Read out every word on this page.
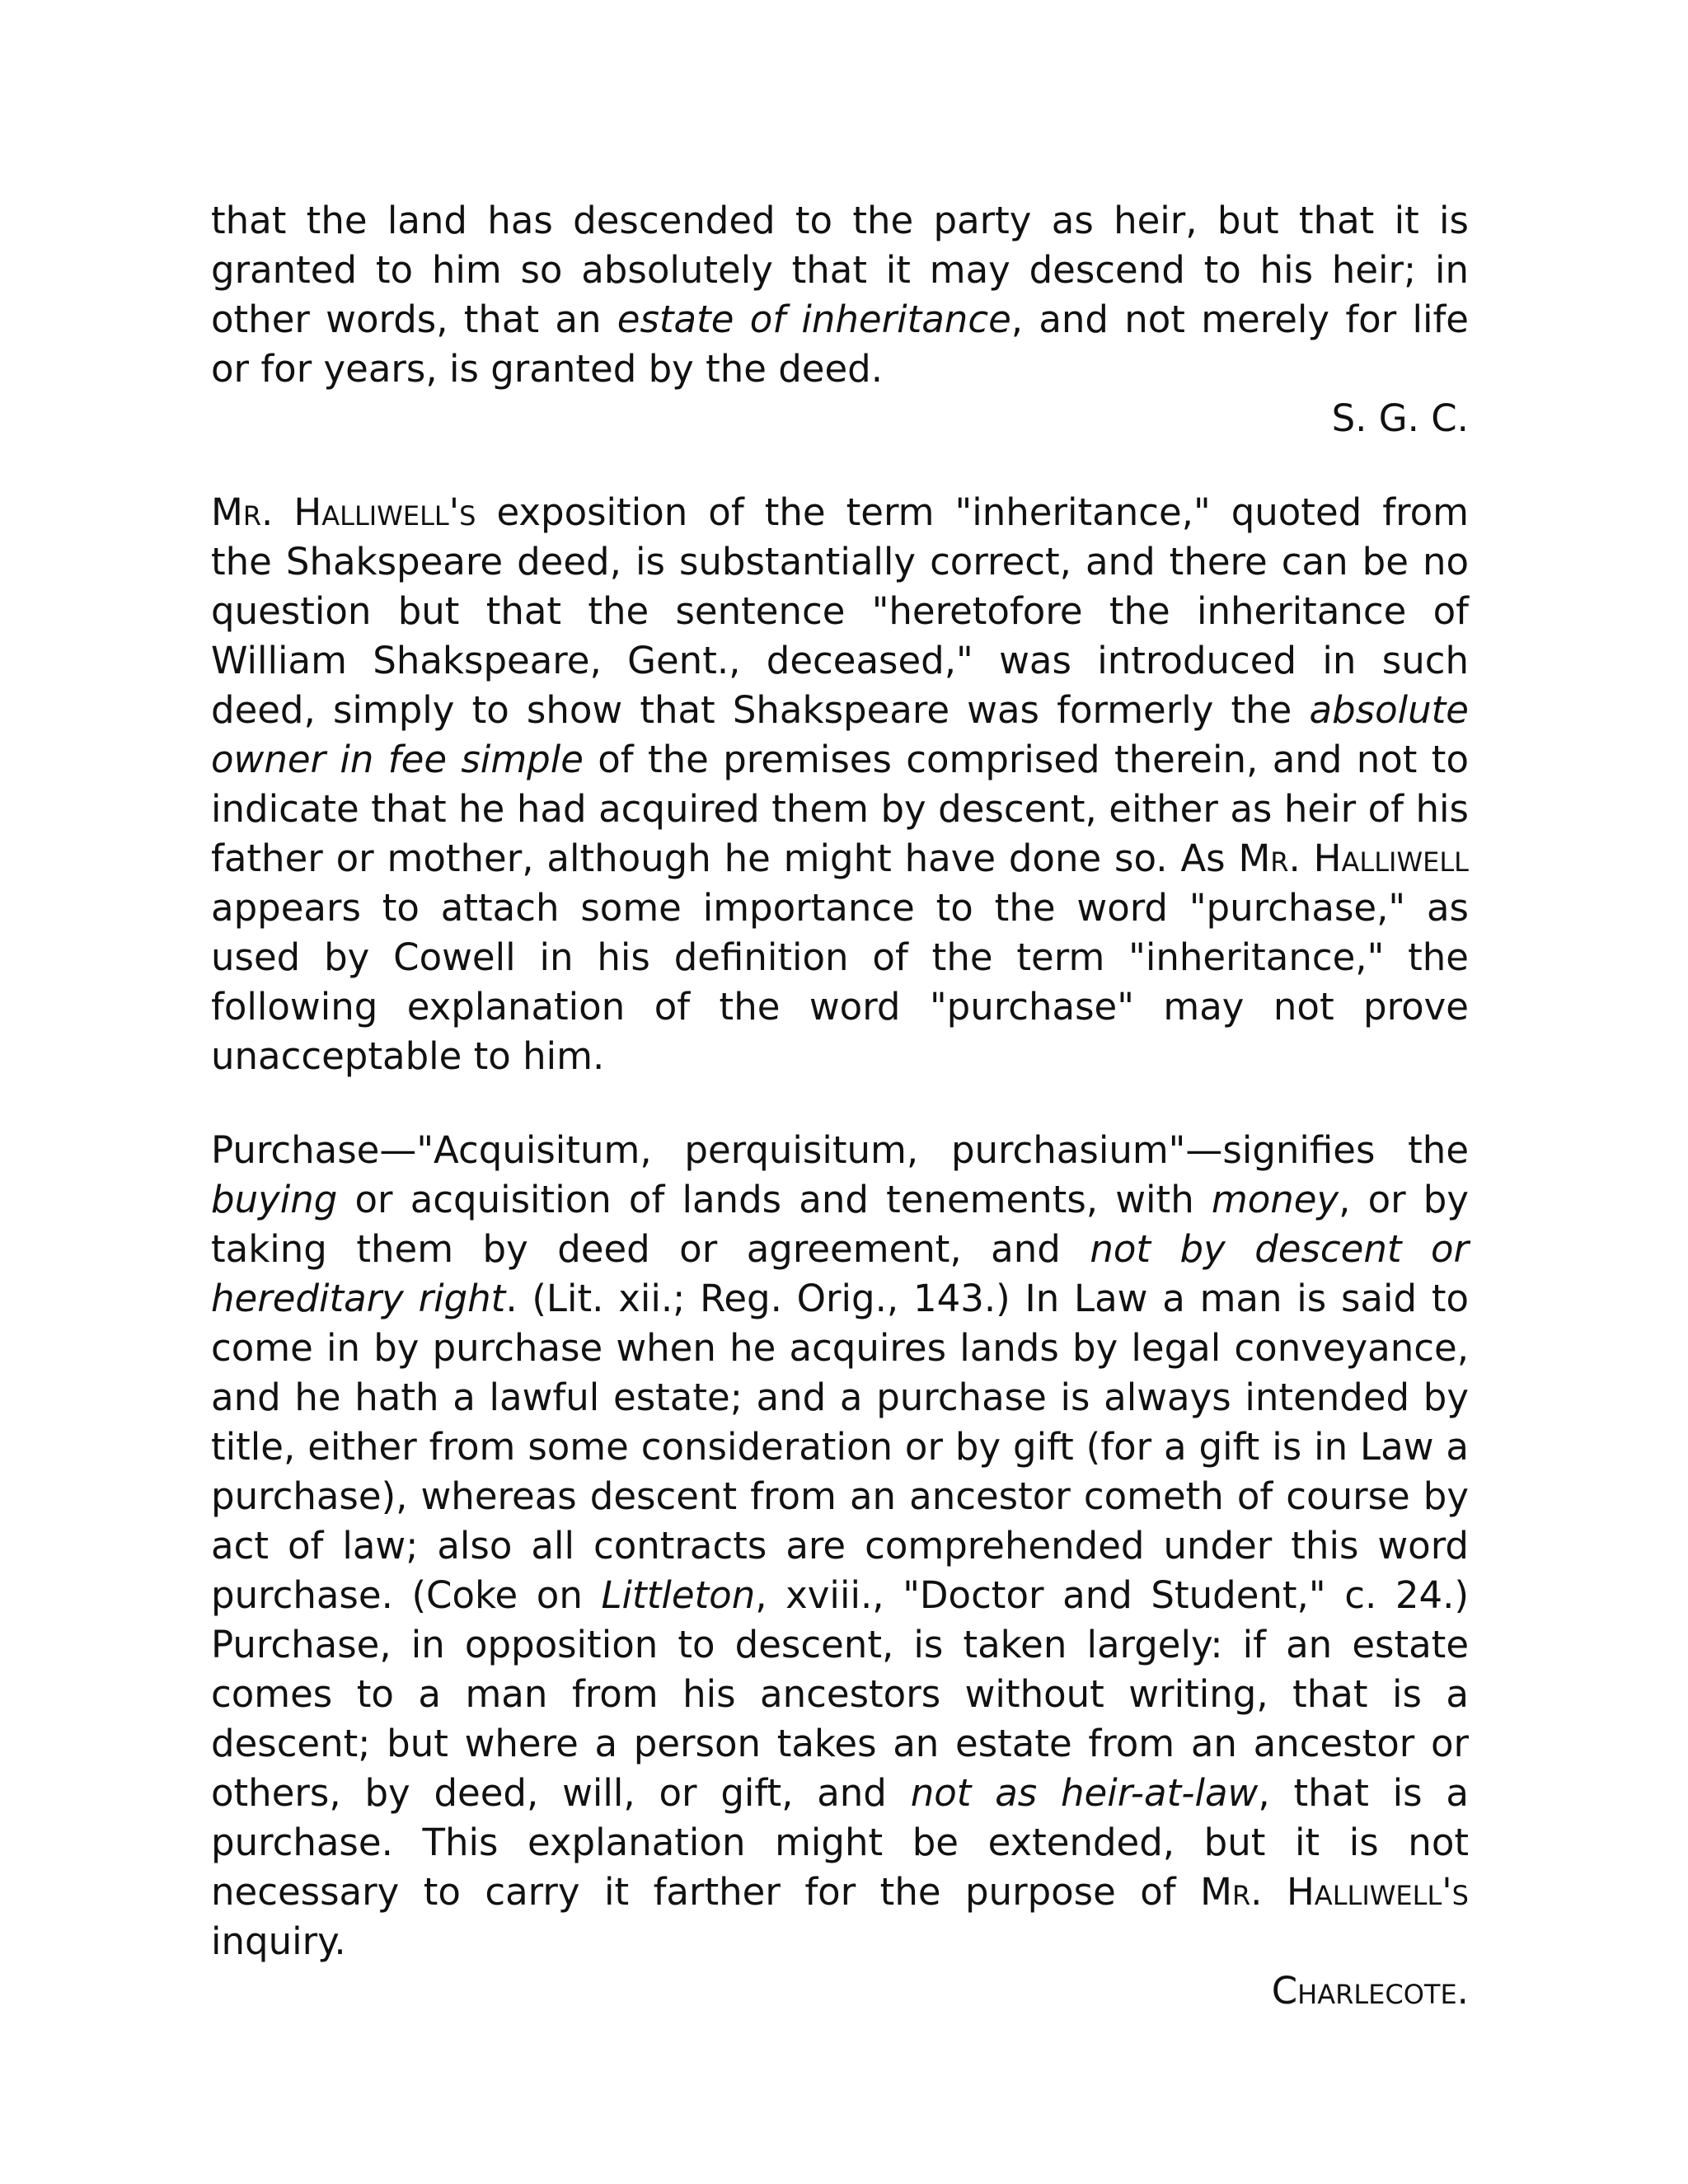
that the land has descended to the party as heir, but that it is granted to him so absolutely that it may descend to his heir; in other words, that an estate of inheritance, and not merely for life or for years, is granted by the deed.

S. G. C.

Mr. Halliwell's exposition of the term "inheritance," quoted from the Shakspeare deed, is substantially correct, and there can be no question but that the sentence "heretofore the inheritance of William Shakspeare, Gent., deceased," was introduced in such deed, simply to show that Shakspeare was formerly the absolute owner in fee simple of the premises comprised therein, and not to indicate that he had acquired them by descent, either as heir of his father or mother, although he might have done so. As Mr. Halliwell appears to attach some importance to the word "purchase," as used by Cowell in his definition of the term "inheritance," the following explanation of the word "purchase" may not prove unacceptable to him.

Purchase—"Acquisitum, perquisitum, purchasium"—signifies the buying or acquisition of lands and tenements, with money, or by taking them by deed or agreement, and not by descent or hereditary right. (Lit. xii.; Reg. Orig., 143.) In Law a man is said to come in by purchase when he acquires lands by legal conveyance, and he hath a lawful estate; and a purchase is always intended by title, either from some consideration or by gift (for a gift is in Law a purchase), whereas descent from an ancestor cometh of course by act of law; also all contracts are comprehended under this word purchase. (Coke on Littleton, xviii., "Doctor and Student," c. 24.) Purchase, in opposition to descent, is taken largely: if an estate comes to a man from his ancestors without writing, that is a descent; but where a person takes an estate from an ancestor or others, by deed, will, or gift, and not as heir-at-law, that is a purchase. This explanation might be extended, but it is not necessary to carry it farther for the purpose of Mr. Halliwell's inquiry.

Charlecote.
